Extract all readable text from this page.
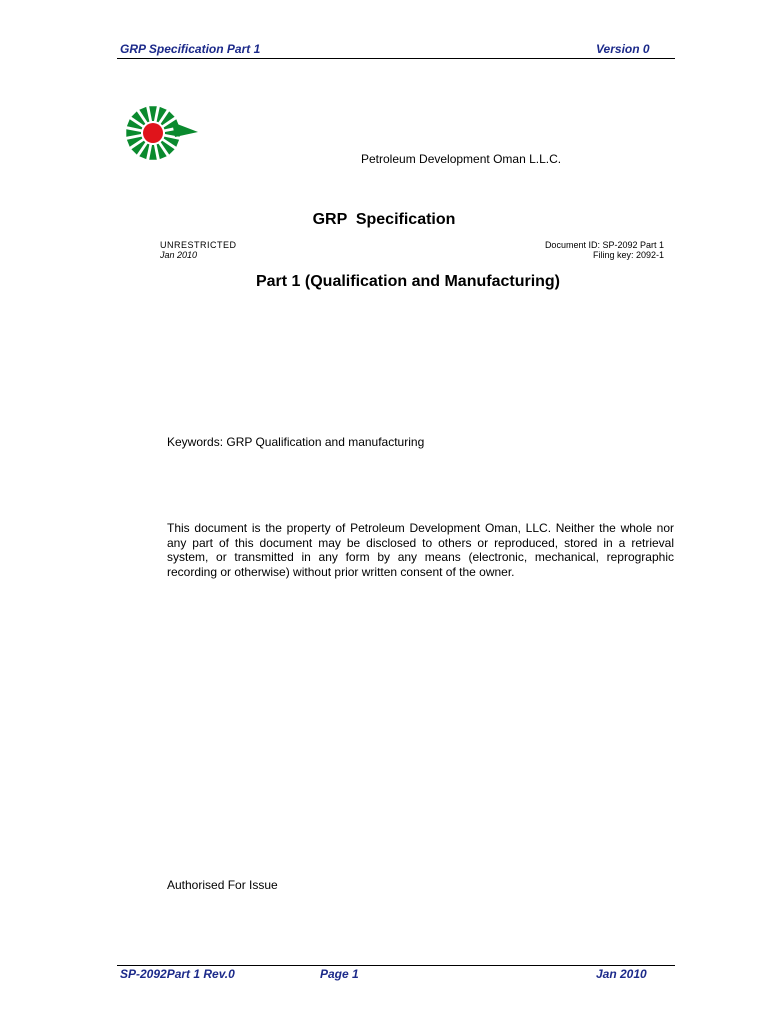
GRP Specification Part 1	Version 0
Petroleum Development Oman L.L.C.
GRP  Specification
UNRESTRICTED
Jan 2010
Document ID: SP-2092 Part 1
Filing key: 2092-1
Part 1 (Qualification and Manufacturing)
Keywords: GRP Qualification and manufacturing
This document is the property of Petroleum Development Oman, LLC. Neither the whole nor any part of this document may be disclosed to others or reproduced, stored in a retrieval system, or transmitted in any form by any means (electronic, mechanical, reprographic recording or otherwise) without prior written consent of the owner.
Authorised For Issue
SP-2092Part 1 Rev.0	Page 1	Jan 2010
